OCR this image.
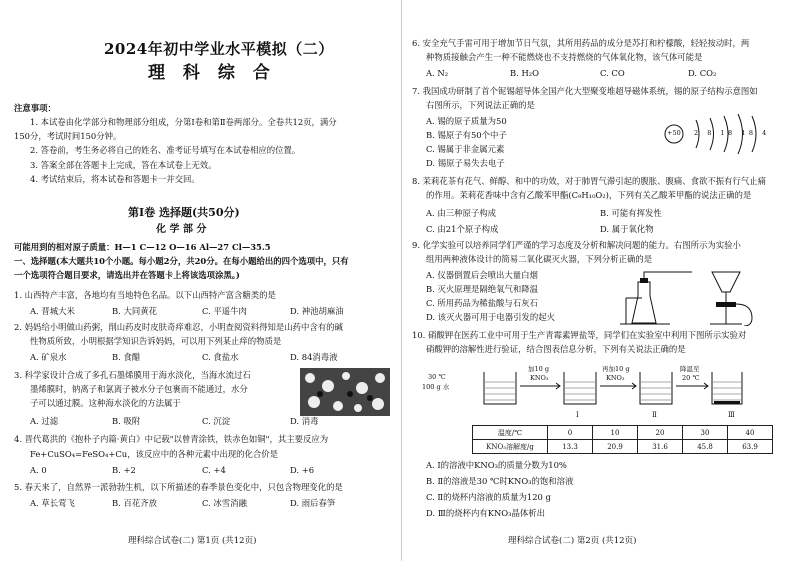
2024年初中学业水平模拟（二）
理 科 综 合
注意事项：
1. 本试卷由化学部分和物理部分组成，分第Ⅰ卷和第Ⅱ卷两部分。全卷共12页，满分
150分，考试时间150分钟。
2. 答卷前，考生务必将自己的姓名、准考证号填写在本试卷相应的位置。
3. 答案全部在答题卡上完成，答在本试卷上无效。
4. 考试结束后，将本试卷和答题卡一并交回。
第Ⅰ卷 选择题(共50分)
化 学 部 分
可能用到的相对原子质量：H—1 C—12 O—16 Al—27 Cl—35.5
一、选择题(本大题共10个小题。每小题2分，共20分。在每小题给出的四个选项中，只有
一个选项符合题目要求，请选出并在答题卡上将该选项涂黑。)
1. 山西特产丰富，各地均有当地特色名品。以下山西特产富含糖类的是
A. 晋城大米	B. 大同黄花	C. 平遥牛肉	D. 神池胡麻油
2. 妈妈给小明做山药粥，削山药皮时皮肤奇痒难忍，小明查阅资料得知是山药中含有的碱
性物质所致，小明根据学知识告诉妈妈，可以用下列某止痒的物质是
A. 矿泉水	B. 食醋	C. 食盐水	D. 84消毒液
3. 科学家设计合成了多孔石墨烯膜用于海水淡化，当海水流过石
墨烯膜时，钠离子和氯离子被水分子包裹而不能通过，水分
子可以通过膜。这种海水淡化的方法属于
A. 过滤	B. 吸附	C. 沉淀	D. 消毒
4. 晋代葛洪的《抱朴子内篇·黄白》中记载"以曾青涂铁，铁赤色如铜"，其主要反应为
Fe+CuSO₄=FeSO₄+Cu，该反应中的各种元素中出现的化合价是
A. 0	B. +2	C. +4	D. +6
5. 春天来了，自然界一派勃勃生机，以下所描述的春季景色变化中，只包含物理变化的是
A. 草长莺飞	B. 百花齐放	C. 冰雪消融	D. 雨后春笋
理科综合试卷(二) 第1页 (共12页)
6. 安全充气手雷可用于增加节日气氛，其所用药品的成分是苏打和柠檬酸，轻轻按动时，两
种物质接触会产生一种不能燃烧也不支持燃烧的气体氧化物，该气体可能是
A. N₂	B. H₂O	C. CO	D. CO₂
7. 我国成功研制了首个铌锡超导体全国产化大型聚变堆超导磁体系统，锡的原子结构示意图如
右图所示，下列说法正确的是
A. 锡的原子质量为50
B. 锡原子有50个中子
C. 锡属于非金属元素
D. 锡原子易失去电子
+50 2 8 18 18 4
8. 茉莉花茶有花气、鲜醇、和中的功效，对于肺胃气滞引起的腹胀、腹痛、食欲不振有行气止痛
的作用。茉莉花香味中含有乙酸苯甲酯(C₉H₁₀O₂)，下列有关乙酸苯甲酯的说法正确的是
A. 由三种原子构成	B. 可能有挥发性
C. 由21个原子构成	D. 属于氧化物
9. 化学实验可以培养同学们严谨的学习态度及分析和解决问题的能力。右图所示为实验小
组用两种液体设计的简易二氧化碳灭火器，下列分析正确的是
A. 仪器倒置后会喷出大量白烟
B. 灭火原理是隔绝氧气和降温
C. 所用药品为稀盐酸与石灰石
D. 该灭火器可用于电器引发的起火
10. 硝酸钾在医药工业中可用于生产青霉素钾盐等，同学们在实验室中利用下图所示实验对
硝酸钾的溶解性进行验证，结合图表信息分析，下列有关说法正确的是
30 ℃
100 g 水
加10 g
KNO₃
再加10 g
KNO₃
降温至
20 ℃
Ⅰ	Ⅱ	Ⅲ
温度/℃	0	10	20	30	40
KNO₃溶解度/g	13.3	20.9	31.6	45.8	63.9
A. Ⅰ的溶液中KNO₃的质量分数为10%
B. Ⅱ的溶液是30 ℃时KNO₃的饱和溶液
C. Ⅱ的烧杯内溶液的质量为120 g
D. Ⅲ的烧杯内有KNO₃晶体析出
理科综合试卷(二) 第2页 (共12页)
